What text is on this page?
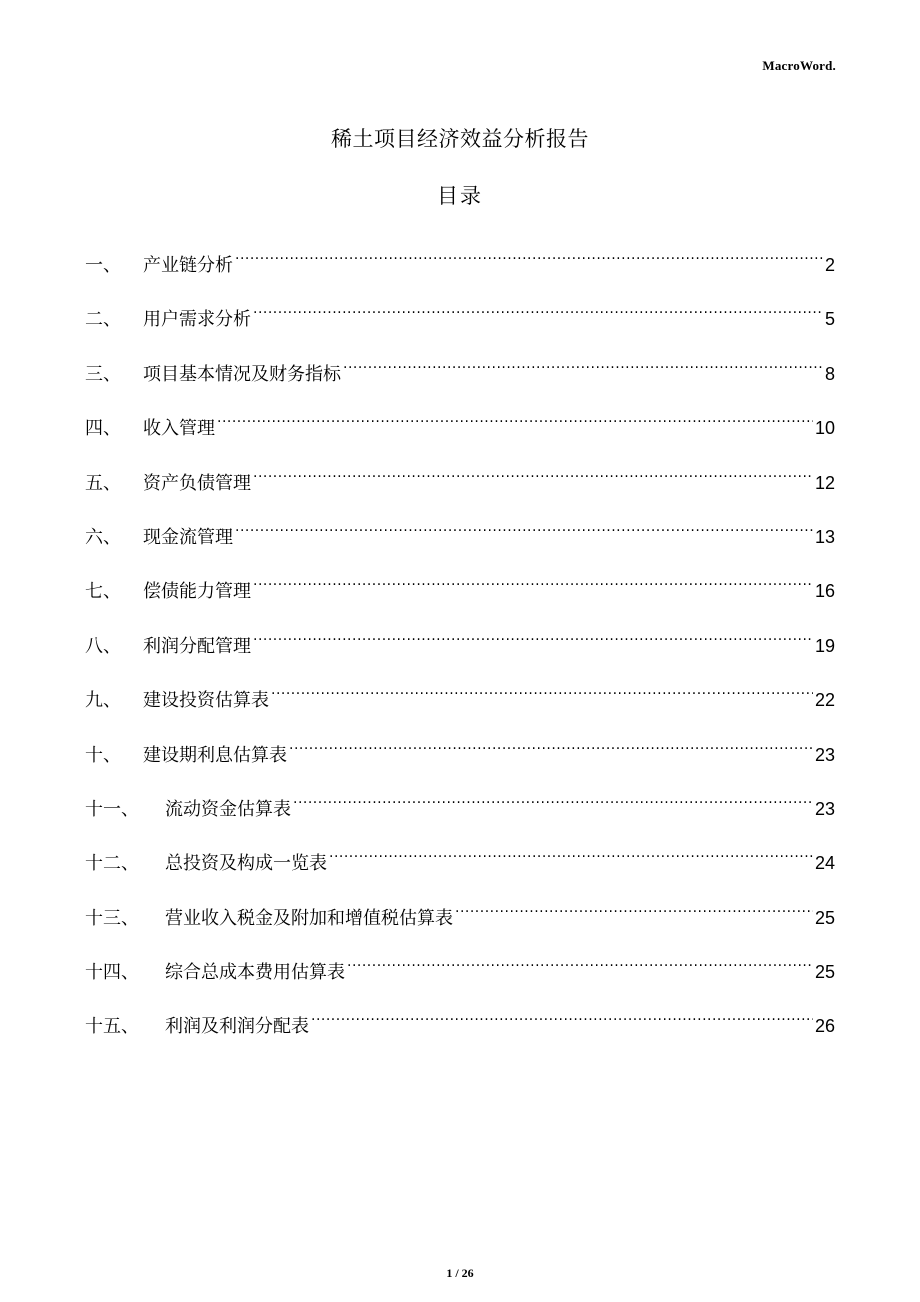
MacroWord.
稀土项目经济效益分析报告
目录
一、	产业链分析 .....	2
二、	用户需求分析 .....	5
三、	项目基本情况及财务指标 .....	8
四、	收入管理 .....	10
五、	资产负债管理 .....	12
六、	现金流管理 .....	13
七、	偿债能力管理 .....	16
八、	利润分配管理 .....	19
九、	建设投资估算表 .....	22
十、	建设期利息估算表 .....	23
十一、	流动资金估算表 .....	23
十二、	总投资及构成一览表 .....	24
十三、	营业收入税金及附加和增值税估算表 .....	25
十四、	综合总成本费用估算表 .....	25
十五、	利润及利润分配表 .....	26
1 / 26
